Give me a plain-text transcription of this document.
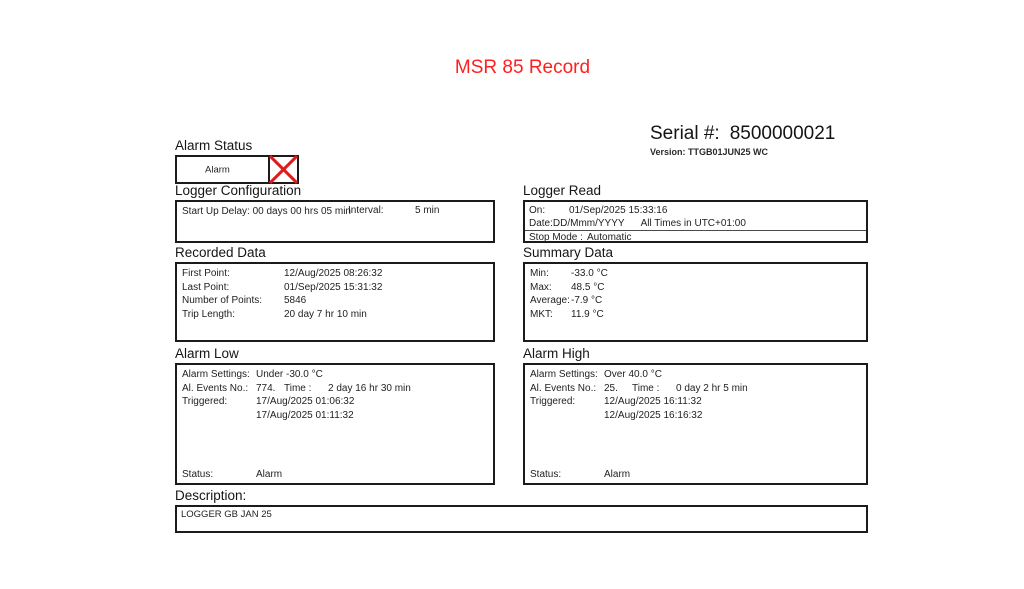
MSR 85 Record
Serial #: 8500000021
Version: TTGB01JUN25 WC
Alarm Status
Alarm
Logger Configuration
Start Up Delay: 00 days 00 hrs 05 min
Interval:	5 min
Logger Read
On:	01/Sep/2025 15:33:16
Date:DD/Mmm/YYYY All Times in UTC+01:00
Stop Mode : Automatic
Recorded Data
First Point:	12/Aug/2025 08:26:32
Last Point:	01/Sep/2025 15:31:32
Number of Points:	5846
Trip Length:	20 day 7 hr 10 min
Summary Data
Min:	-33.0 °C
Max:	48.5 °C
Average: -7.9 °C
MKT:	11.9 °C
Alarm Low
Alarm Settings: Under -30.0 °C
Al. Events No.: 774. Time :	2 day 16 hr 30 min
Triggered:	17/Aug/2025 01:06:32
17/Aug/2025 01:11:32
Status:	Alarm
Alarm High
Alarm Settings: Over 40.0 °C
Al. Events No.: 25.	Time :	0 day 2 hr 5 min
Triggered:	12/Aug/2025 16:11:32
12/Aug/2025 16:16:32
Status:	Alarm
Description:
LOGGER GB JAN 25
